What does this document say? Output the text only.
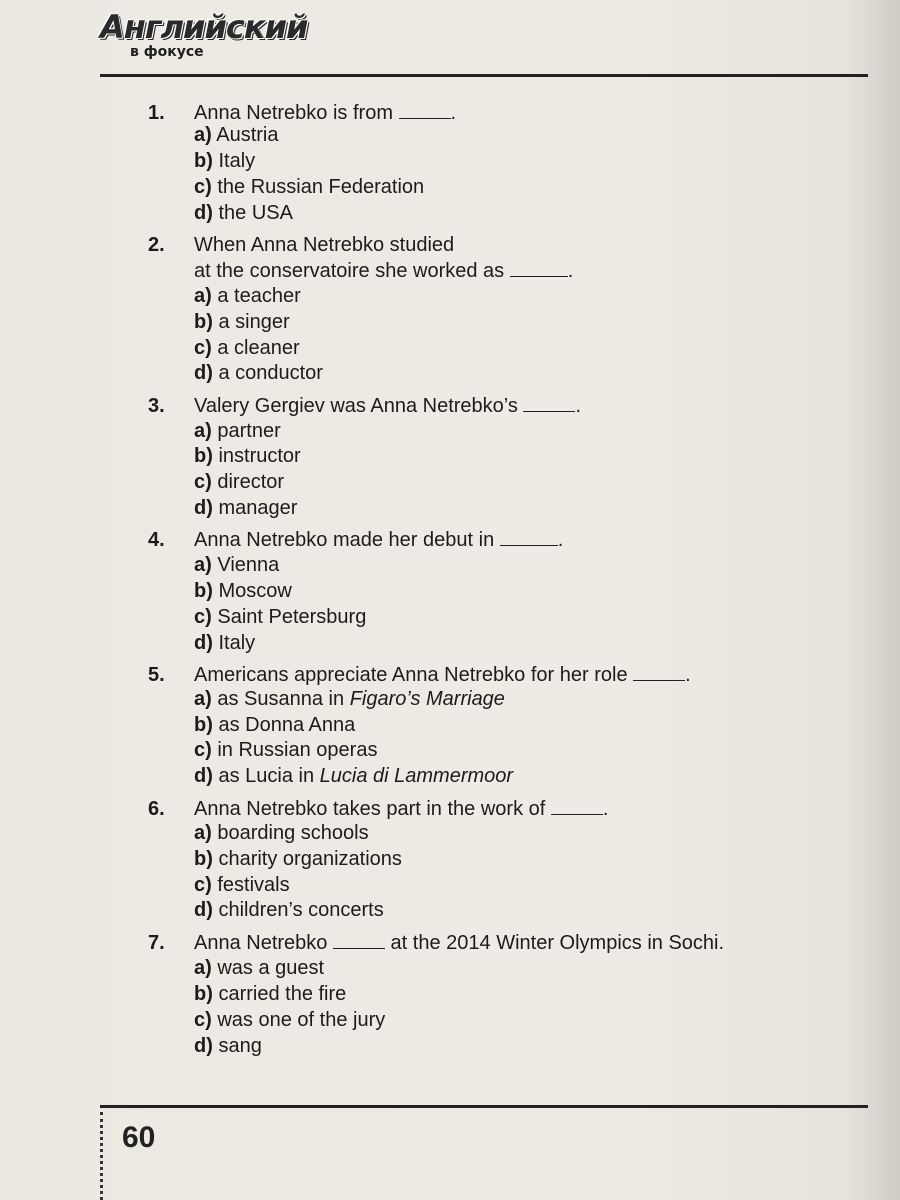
Английский
в фокусе
1.	Anna Netrebko is from	.
a) Austria
b) Italy
c) the Russian Federation
d) the USA
2.	When Anna Netrebko studied
at the conservatoire she worked as	.
a) a teacher
b) a singer
c) a cleaner
d) a conductor
3.	Valery Gergiev was Anna Netrebko’s	.
a) partner
b) instructor
c) director
d) manager
4.	Anna Netrebko made her debut in	.
a) Vienna
b) Moscow
c) Saint Petersburg
d) Italy
5.	Americans appreciate Anna Netrebko for her role	.
a) as Susanna in Figaro’s Marriage
b) as Donna Anna
c) in Russian operas
d) as Lucia in Lucia di Lammermoor
6.	Anna Netrebko takes part in the work of	.
a) boarding schools
b) charity organizations
c) festivals
d) children’s concerts
7.	Anna Netrebko	at the 2014 Winter Olympics in Sochi.
a) was a guest
b) carried the fire
c) was one of the jury
d) sang
60
